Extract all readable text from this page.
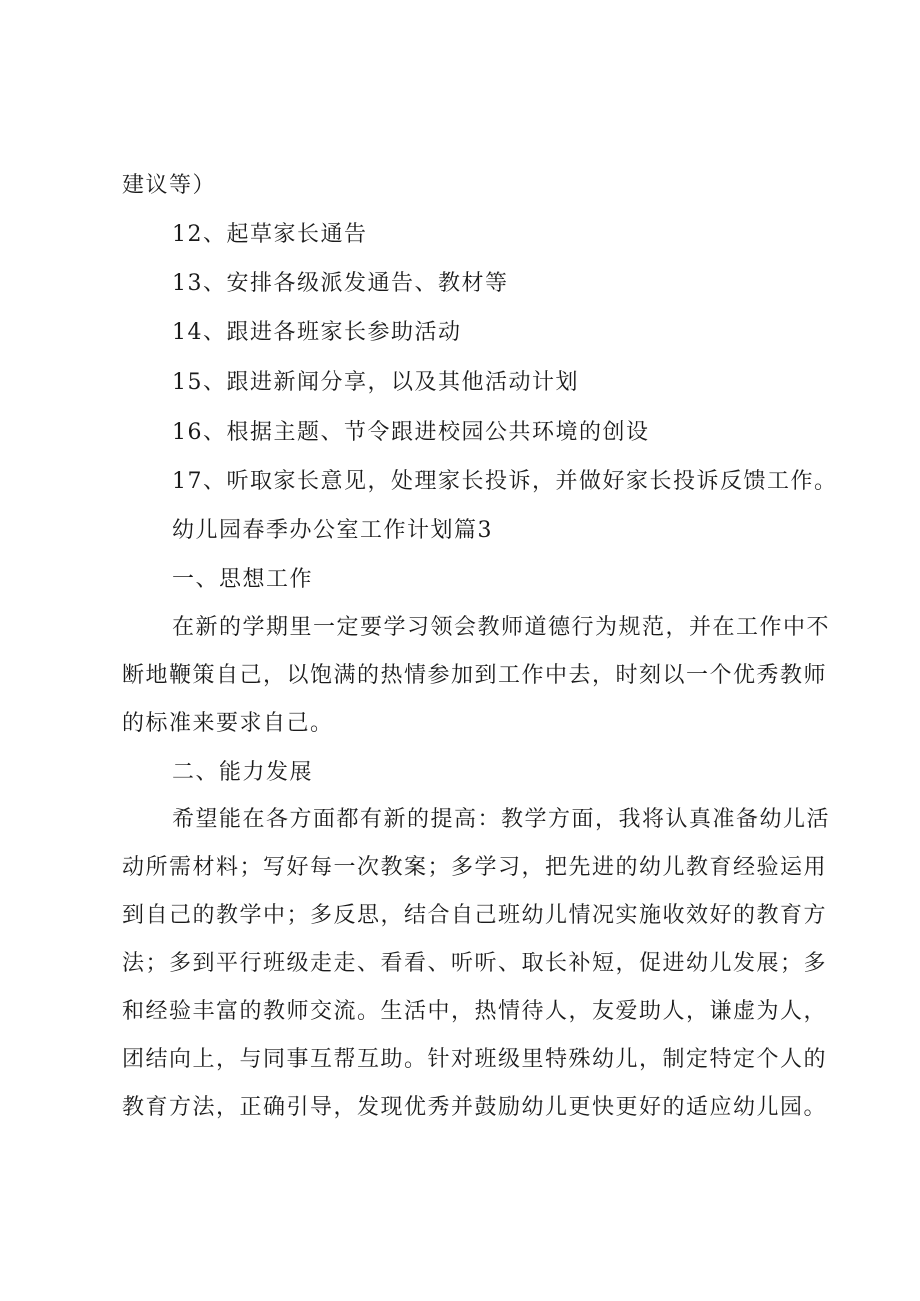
建议等）
12、起草家长通告
13、安排各级派发通告、教材等
14、跟进各班家长参助活动
15、跟进新闻分享，以及其他活动计划
16、根据主题、节令跟进校园公共环境的创设
17、听取家长意见，处理家长投诉，并做好家长投诉反馈工作。
幼儿园春季办公室工作计划篇3
一、思想工作
在新的学期里一定要学习领会教师道德行为规范，并在工作中不
断地鞭策自己，以饱满的热情参加到工作中去，时刻以一个优秀教师
的标准来要求自己。
二、能力发展
希望能在各方面都有新的提高：教学方面，我将认真准备幼儿活
动所需材料；写好每一次教案；多学习，把先进的幼儿教育经验运用
到自己的教学中；多反思，结合自己班幼儿情况实施收效好的教育方
法；多到平行班级走走、看看、听听、取长补短，促进幼儿发展；多
和经验丰富的教师交流。生活中，热情待人，友爱助人，谦虚为人，
团结向上，与同事互帮互助。针对班级里特殊幼儿，制定特定个人的
教育方法，正确引导，发现优秀并鼓励幼儿更快更好的适应幼儿园。
